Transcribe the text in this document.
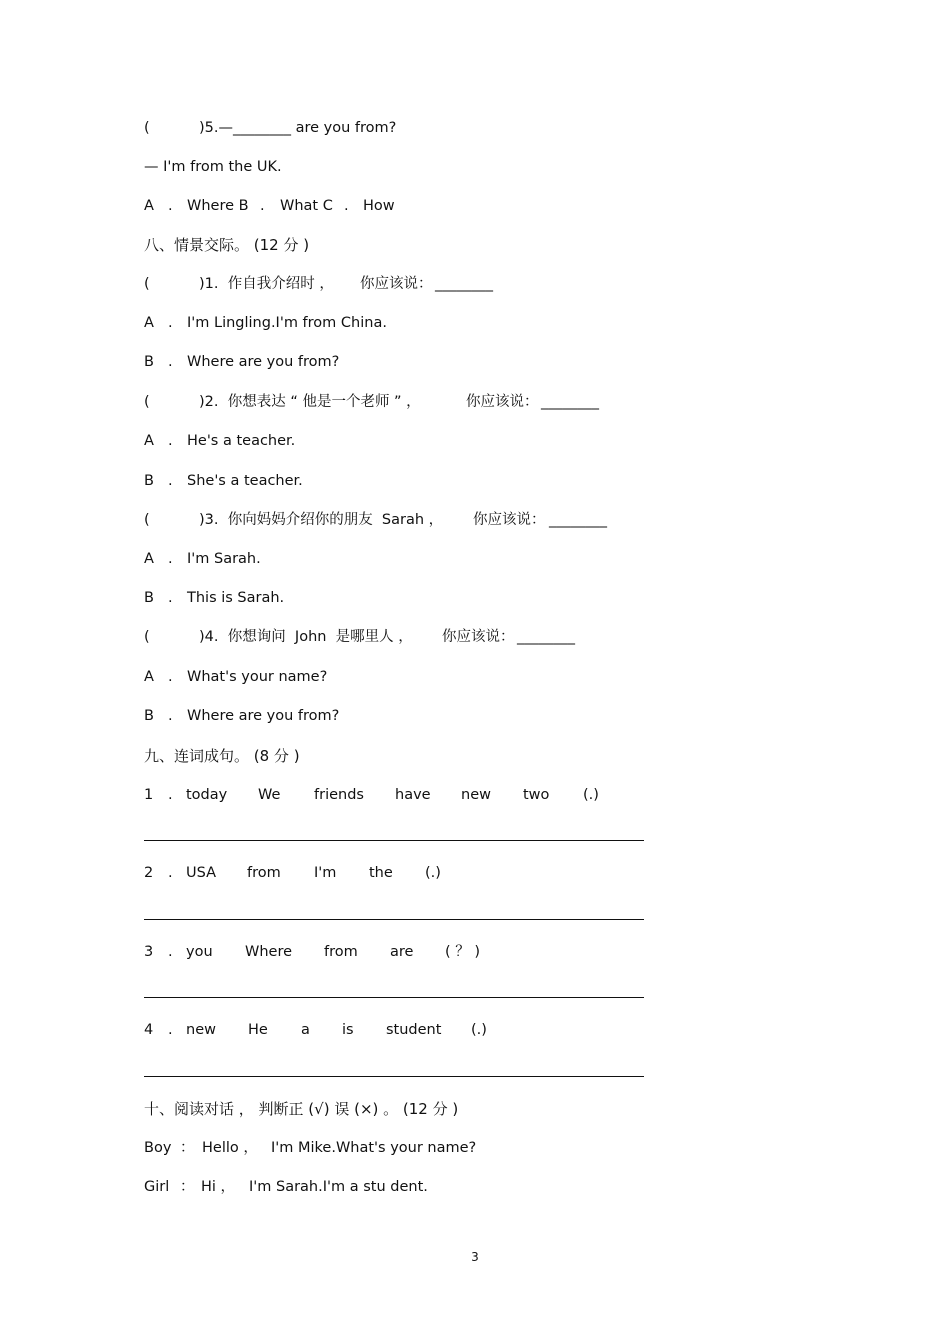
(	)5.—________ are you from?
— I'm from the UK.
A . Where B . What C . How
八、情景交际。 (12 分 )
(	)1.  作自我介绍时 ， 你应该说： ________
A . I'm Lingling.I'm from China.
B . Where are you from?
(	)2.  你想表达 “ 他是一个老师 ” ，	你应该说： ________
A . He's a teacher.
B . She's a teacher.
(	)3.  你向妈妈介绍你的朋友  Sarah ， 你应该说： ________
A . I'm Sarah.
B . This is Sarah.
(	)4.  你想询问  John  是哪里人 ， 你应该说： ________
A . What's your name?
B . Where are you from?
九、连词成句。 (8 分 )
1 . today We friends have new two (.)
2 . USA from I'm the (.)
3 . you Where from are ( ？ )
4 . new He a is student (.)
十、阅读对话 ， 判断正 (√) 误 (×) 。 (12 分 )
Boy ： Hello ， I'm Mike.What's your name?
Girl ： Hi ， I'm Sarah.I'm a stu dent.
3
